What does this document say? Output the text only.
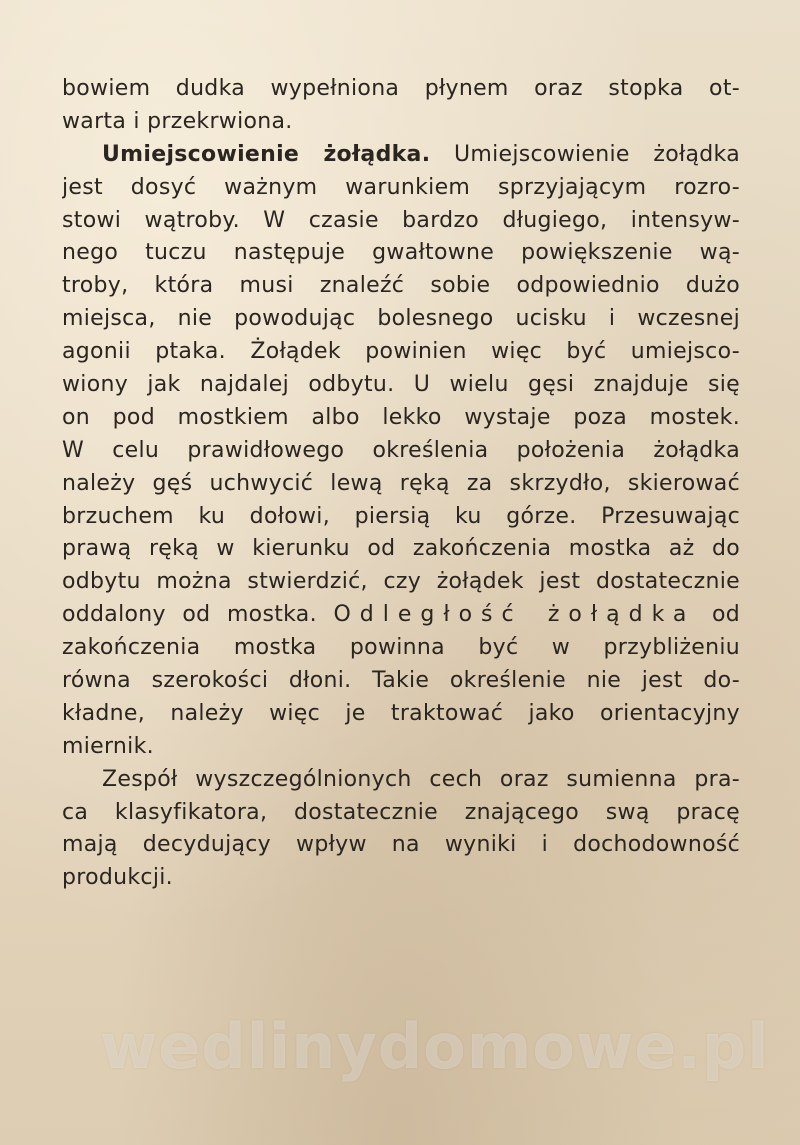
bowiem dudka wypełniona płynem oraz stopka ot-
warta i przekrwiona.
Umiejscowienie żołądka. Umiejscowienie żołądka
jest dosyć ważnym warunkiem sprzyjającym rozro-
stowi wątroby. W czasie bardzo długiego, intensyw-
nego tuczu następuje gwałtowne powiększenie wą-
troby, która musi znaleźć sobie odpowiednio dużo
miejsca, nie powodując bolesnego ucisku i wczesnej
agonii ptaka. Żołądek powinien więc być umiejsco-
wiony jak najdalej odbytu. U wielu gęsi znajduje się
on pod mostkiem albo lekko wystaje poza mostek.
W celu prawidłowego określenia położenia żołądka
należy gęś uchwycić lewą ręką za skrzydło, skierować
brzuchem ku dołowi, piersią ku górze. Przesuwając
prawą ręką w kierunku od zakończenia mostka aż do
odbytu można stwierdzić, czy żołądek jest dostatecznie
oddalony od mostka. Odległość żołądka od
zakończenia mostka powinna być w przybliżeniu
równa szerokości dłoni. Takie określenie nie jest do-
kładne, należy więc je traktować jako orientacyjny
miernik.
Zespół wyszczególnionych cech oraz sumienna pra-
ca klasyfikatora, dostatecznie znającego swą pracę
mają decydujący wpływ na wyniki i dochodowność
produkcji.
wedlinydomowe.pl
